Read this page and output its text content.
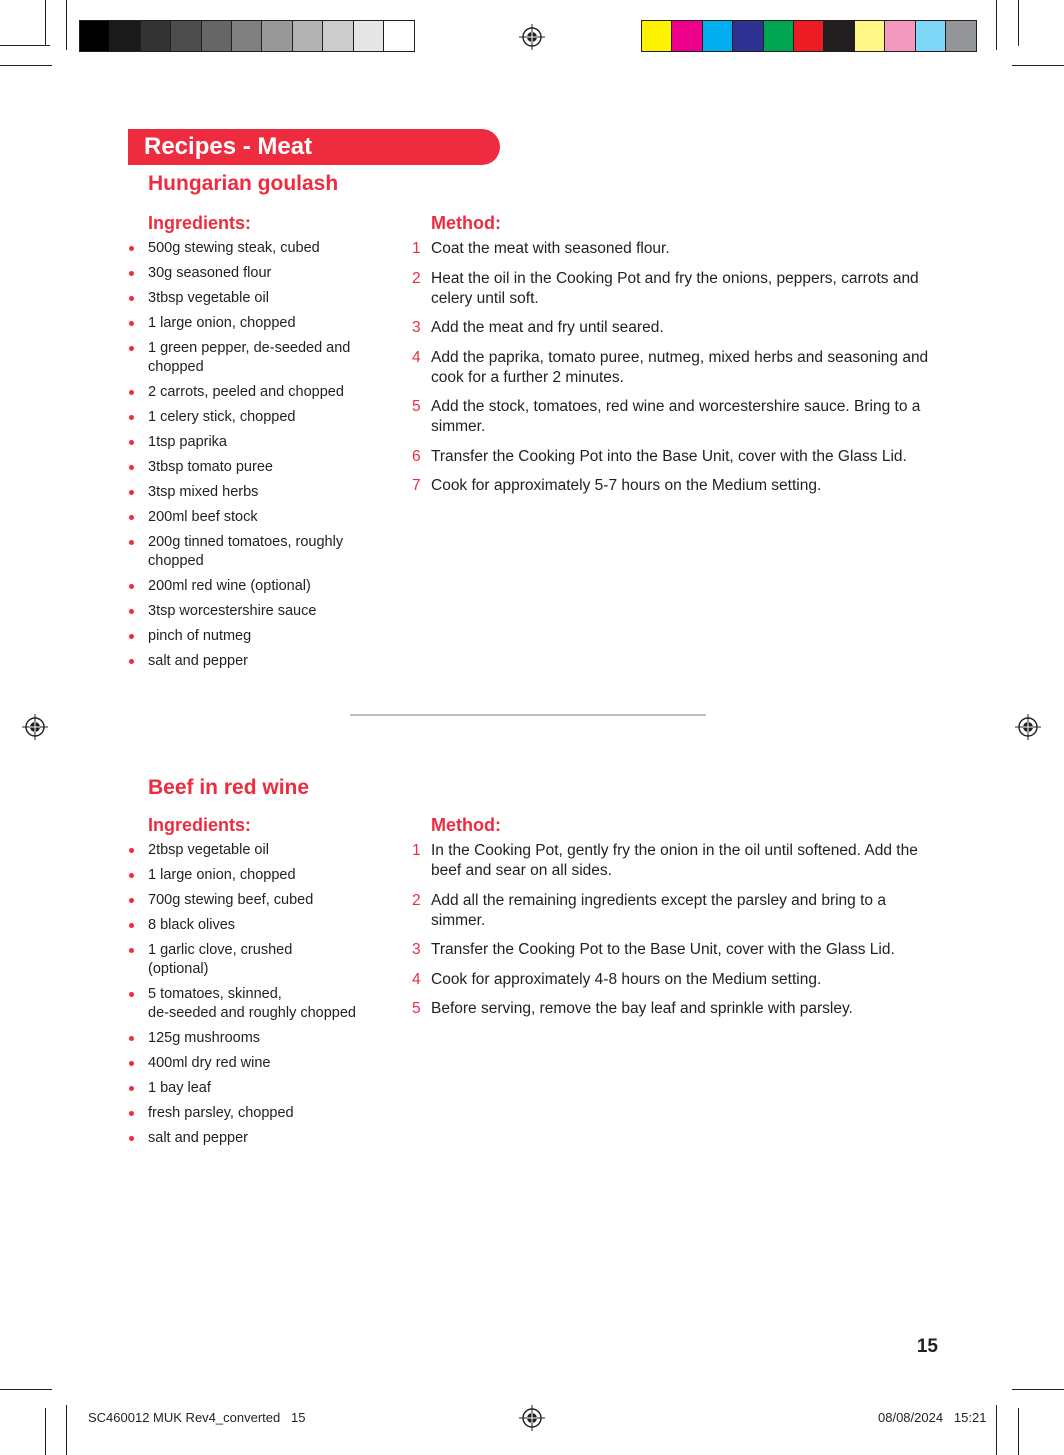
Recipes - Meat
Hungarian goulash
Ingredients:
500g stewing steak, cubed
30g seasoned flour
3tbsp vegetable oil
1 large onion, chopped
1 green pepper, de-seeded and chopped
2 carrots, peeled and chopped
1 celery stick, chopped
1tsp paprika
3tbsp tomato puree
3tsp mixed herbs
200ml beef stock
200g tinned tomatoes, roughly chopped
200ml red wine (optional)
3tsp worcestershire sauce
pinch of nutmeg
salt and pepper
Method:
1 Coat the meat with seasoned flour.
2 Heat the oil in the Cooking Pot and fry the onions, peppers, carrots and celery until soft.
3 Add the meat and fry until seared.
4 Add the paprika, tomato puree, nutmeg, mixed herbs and seasoning and cook for a further 2 minutes.
5 Add the stock, tomatoes, red wine and worcestershire sauce. Bring to a simmer.
6 Transfer the Cooking Pot into the Base Unit, cover with the Glass Lid.
7 Cook for approximately 5-7 hours on the Medium setting.
Beef in red wine
Ingredients:
2tbsp vegetable oil
1 large onion, chopped
700g stewing beef, cubed
8 black olives
1 garlic clove, crushed
(optional)
5 tomatoes, skinned,
de-seeded and roughly chopped
125g mushrooms
400ml dry red wine
1 bay leaf
fresh parsley, chopped
salt and pepper
Method:
1 In the Cooking Pot, gently fry the onion in the oil until softened. Add the beef and sear on all sides.
2 Add all the remaining ingredients except the parsley and bring to a simmer.
3 Transfer the Cooking Pot to the Base Unit, cover with the Glass Lid.
4 Cook for approximately 4-8 hours on the Medium setting.
5 Before serving, remove the bay leaf and sprinkle with parsley.
15
SC460012 MUK Rev4_converted   15	08/08/2024   15:21
